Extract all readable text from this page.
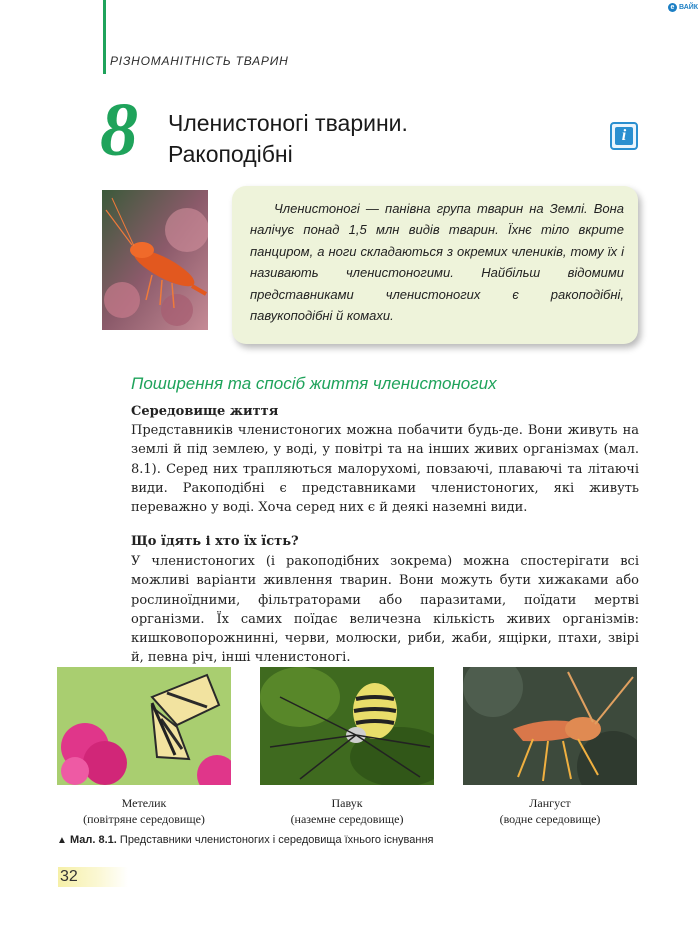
e ВАЙК
РІЗНОМАНІТНІСТЬ ТВАРИН
8 Членистоногі тварини.
Ракоподібні
i

Членистоногі — панівна група тварин на Землі. Вона налічує понад 1,5 млн видів тварин. Їхнє тіло вкрите панциром, а ноги складаються з окремих члеників, тому їх і називають членистоногими. Найбільш відомими представниками членистоногих є ракоподібні, павукоподібні й комахи.

Поширення та спосіб життя членистоногих
Середовище життя

Представників членистоногих можна побачити будь-де. Вони живуть на землі й під землею, у воді, у повітрі та на інших живих організмах (мал. 8.1). Серед них трапляються малорухомі, повзаючі, плаваючі та літаючі види. Ракоподібні є представниками членистоногих, які живуть переважно у воді. Хоча серед них є й деякі наземні види.

Що їдять і хто їх їсть?

У членистоногих (і ракоподібних зокрема) можна спостерігати всі можливі варіанти живлення тварин. Вони можуть бути хижаками або рослиноїдними, фільтраторами або паразитами, поїдати мертві організми. Їх самих поїдає величезна кількість живих організмів: кишковопорожнинні, черви, молюски, риби, жаби, ящірки, птахи, звірі й, певна річ, інші членистоногі.

Метелик
(повітряне середовище)
Павук
(наземне середовище)
Лангуст
(водне середовище)
▲ Мал. 8.1. Представники членистоногих і середовища їхнього існування
32
